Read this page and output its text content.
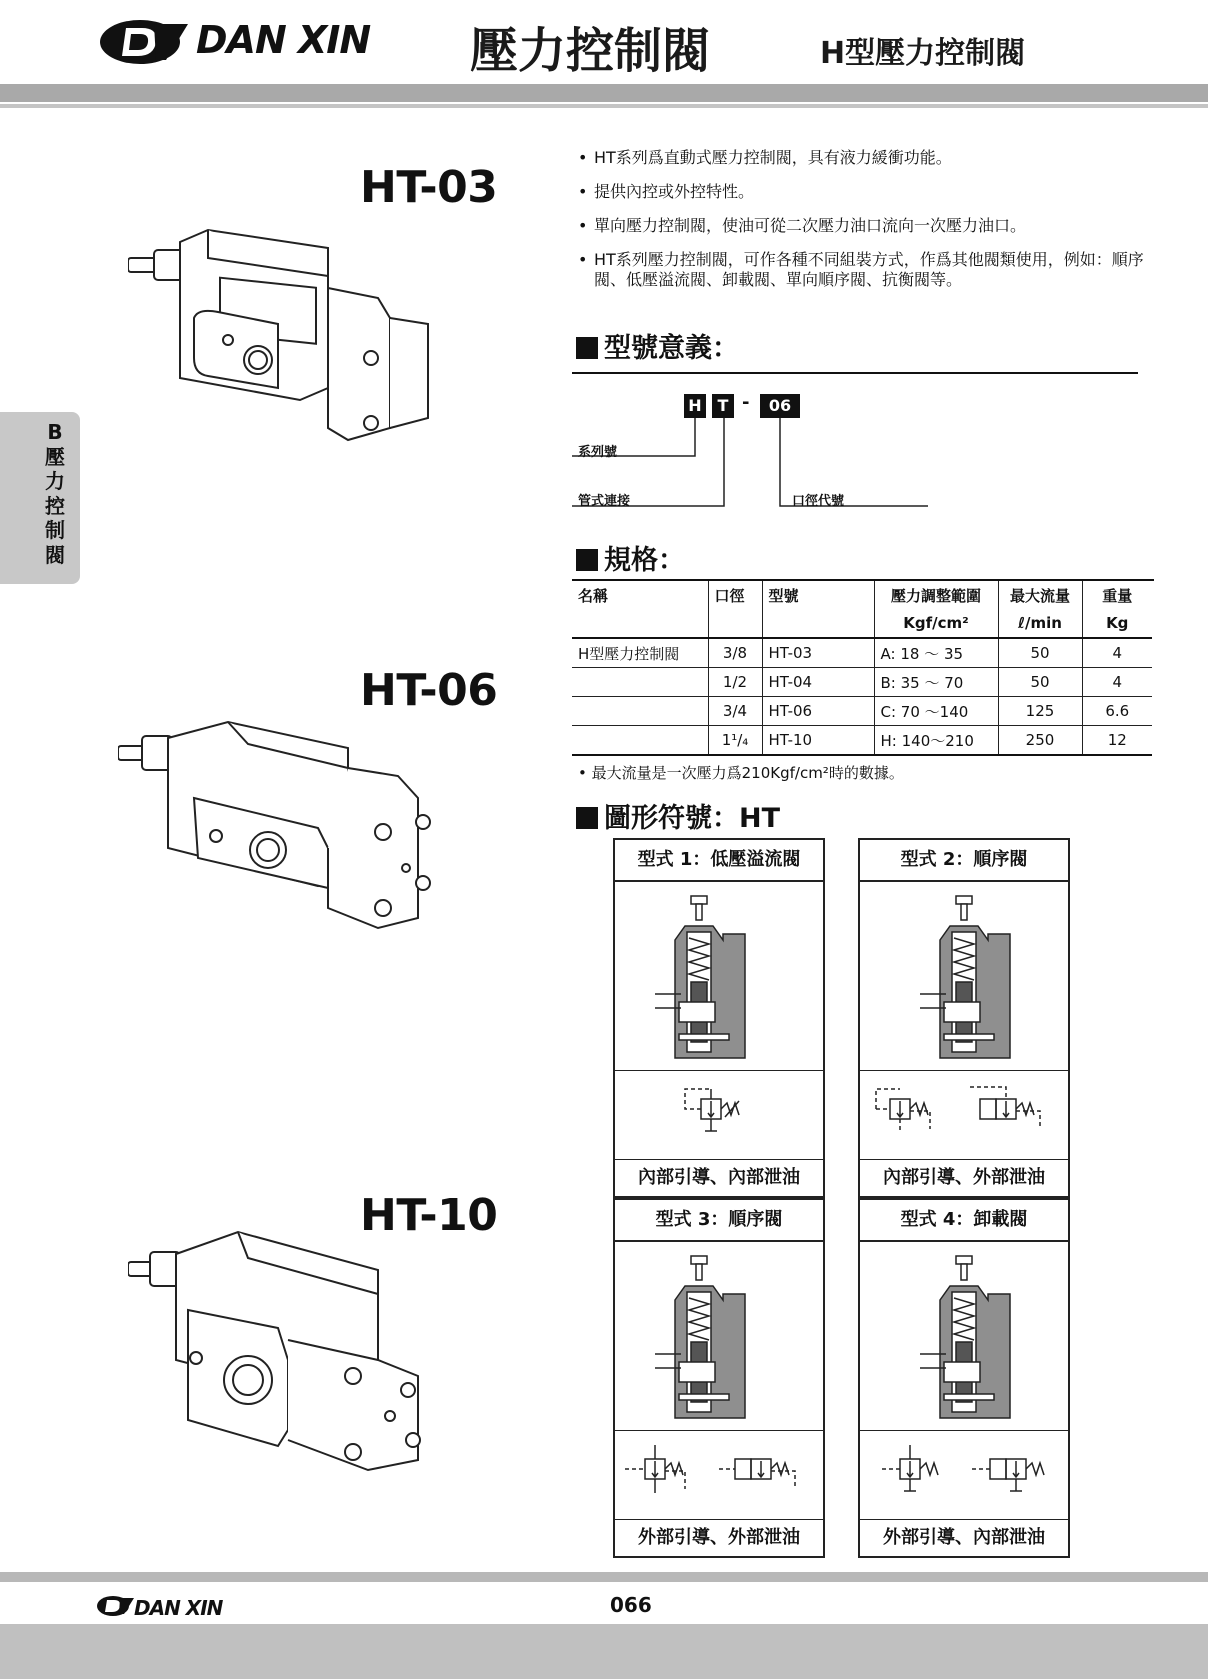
DAN XIN 壓力控制閥	H型壓力控制閥
B
壓
力
控
制
閥
HT-03
HT-06
HT-10
• HT系列爲直動式壓力控制閥，具有液力緩衝功能。
• 提供內控或外控特性。
• 單向壓力控制閥，使油可從二次壓力油口流向一次壓力油口。
• HT系列壓力控制閥，可作各種不同組裝方式，作爲其他閥類使用，例如：順序閥、低壓溢流閥、卸載閥、單向順序閥、抗衡閥等。
型號意義：
H T -	06
系列號
管式連接	口徑代號
規格：
名稱	口徑	型號	壓力調整範圍	最大流量	重量
			Kgf/cm²	ℓ/min	Kg
H型壓力控制閥	3/8	HT-03	A: 18 ～ 35	50	4
	1/2	HT-04	B: 35 ～ 70	50	4
	3/4	HT-06	C: 70 ～140	125	6.6
	1¹/₄	HT-10	H: 140～210	250	12
• 最大流量是一次壓力爲210Kgf/cm²時的數據。
圖形符號：HT
型式 1：低壓溢流閥
內部引導、內部泄油
型式 2：順序閥
內部引導、外部泄油
型式 3：順序閥
外部引導、外部泄油
型式 4：卸載閥
外部引導、內部泄油
DAN XIN	066
